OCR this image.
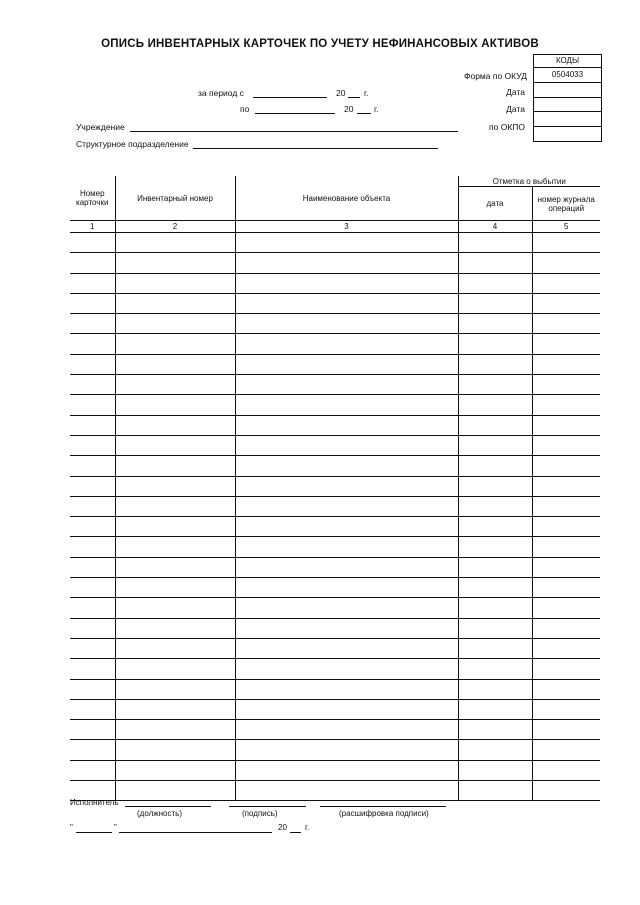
ОПИСЬ ИНВЕНТАРНЫХ КАРТОЧЕК ПО УЧЕТУ НЕФИНАНСОВЫХ АКТИВОВ
КОДЫ
0504033
Форма по ОКУД
Дата
Дата
по ОКПО
за период с	20 г.
по	20 г.
Учреждение
Структурное подразделение
Номер карточки	Инвентарный номер	Наименование объекта	Отметка о выбытии	
			дата	номер журнала операций
1	2	3	4	5

Исполнитель
(должность)	(подпись)	(расшифровка подписи)
"	"	20 г.
